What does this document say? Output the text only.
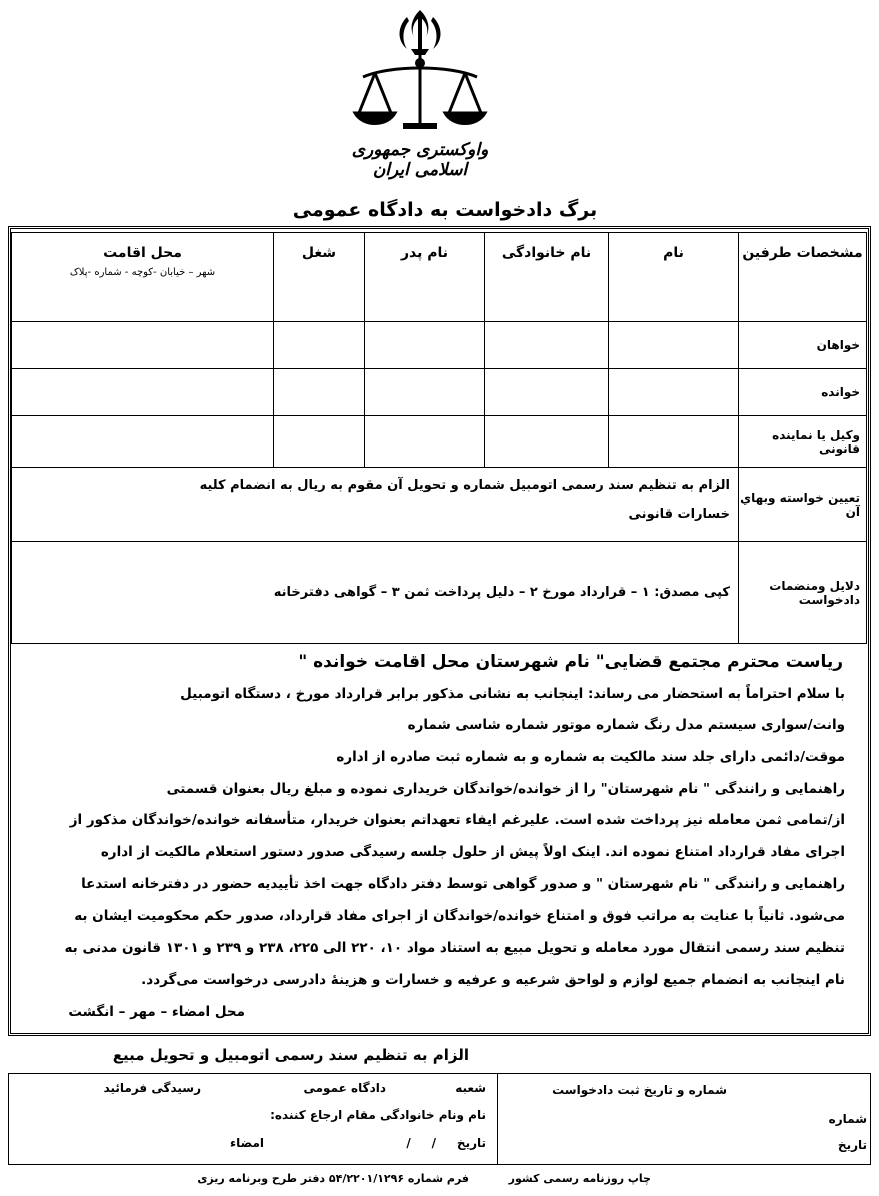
واوکستری جمهوری اسلامی ایران
برگ دادخواست به دادگاه عمومی
مشخصات طرفین	نام	نام خانوادگی	نام پدر	شغل	محل اقامت
شهر – خیابان -کوچه - شماره -پلاک

خواهان					
خوانده					
وکیل یا نماینده قانونی					
تعیین خواسته وبهاي آن	الزام به تنظیم سند رسمی اتومبیل شماره و تحویل آن مقوم به ریال به انضمام کلیه
خسارات قانونی				

دلایل ومنضمات دادخواست	کپی مصدق: ۱ – قرارداد مورخ ۲ – دلیل پرداخت ثمن ۳ – گواهی دفترخانه				
ریاست محترم مجتمع قضایی" نام شهرستان محل اقامت خوانده "
با سلام احتراماً به استحضار می رساند: اینجانب به نشانی مذکور برابر قرارداد مورخ ، دستگاه اتومبیل
وانت/سواری سیستم مدل رنگ شماره موتور شماره شاسی شماره
موقت/دائمی دارای جلد سند مالکیت به شماره و به شماره ثبت صادره از اداره
راهنمایی و رانندگی " نام شهرستان" را از خوانده/خواندگان خریداری نموده و مبلغ ریال بعنوان قسمتی
از/تمامی ثمن معامله نیز پرداخت شده است. علیرغم ایفاء تعهداتم بعنوان خریدار، متأسفانه خوانده/خواندگان مذکور از
اجرای مفاد قرارداد امتناع نموده اند. اینک اولاً پیش از حلول جلسه رسیدگی صدور دستور استعلام مالکیت از اداره
راهنمایی و رانندگی " نام شهرستان " و صدور گواهی توسط دفتر دادگاه جهت اخذ تأییدیه حضور در دفترخانه استدعا
می‌شود. ثانیاً با عنایت به مراتب فوق و امتناع خوانده/خواندگان از اجرای مفاد قرارداد، صدور حکم محکومیت ایشان به
تنظیم سند رسمی انتقال مورد معامله و تحویل مبیع به استناد مواد ۱۰، ۲۲۰ الی ۲۲۵، ۲۳۸ و ۲۳۹ و ۱۳۰۱ قانون مدنی به
نام اینجانب به انضمام جمیع لوازم و لواحق شرعیه و عرفیه و خسارات و هزینۀ دادرسی درخواست می‌گردد.
محل امضاء – مهر – انگشت
الزام به تنظیم سند رسمی اتومبیل و تحویل مبیع
شماره و تاریخ ثبت دادخواست
شماره
تاریخ
شعبه
دادگاه عمومی
رسیدگی فرمائید
نام ونام خانوادگی مقام ارجاع کننده:
تاریخ     /     /
امضاء
چاپ روزنامه رسمی کشور
فرم شماره ۵۴/۲۲۰۱/۱۲۹۶ دفتر طرح وبرنامه ریزی
